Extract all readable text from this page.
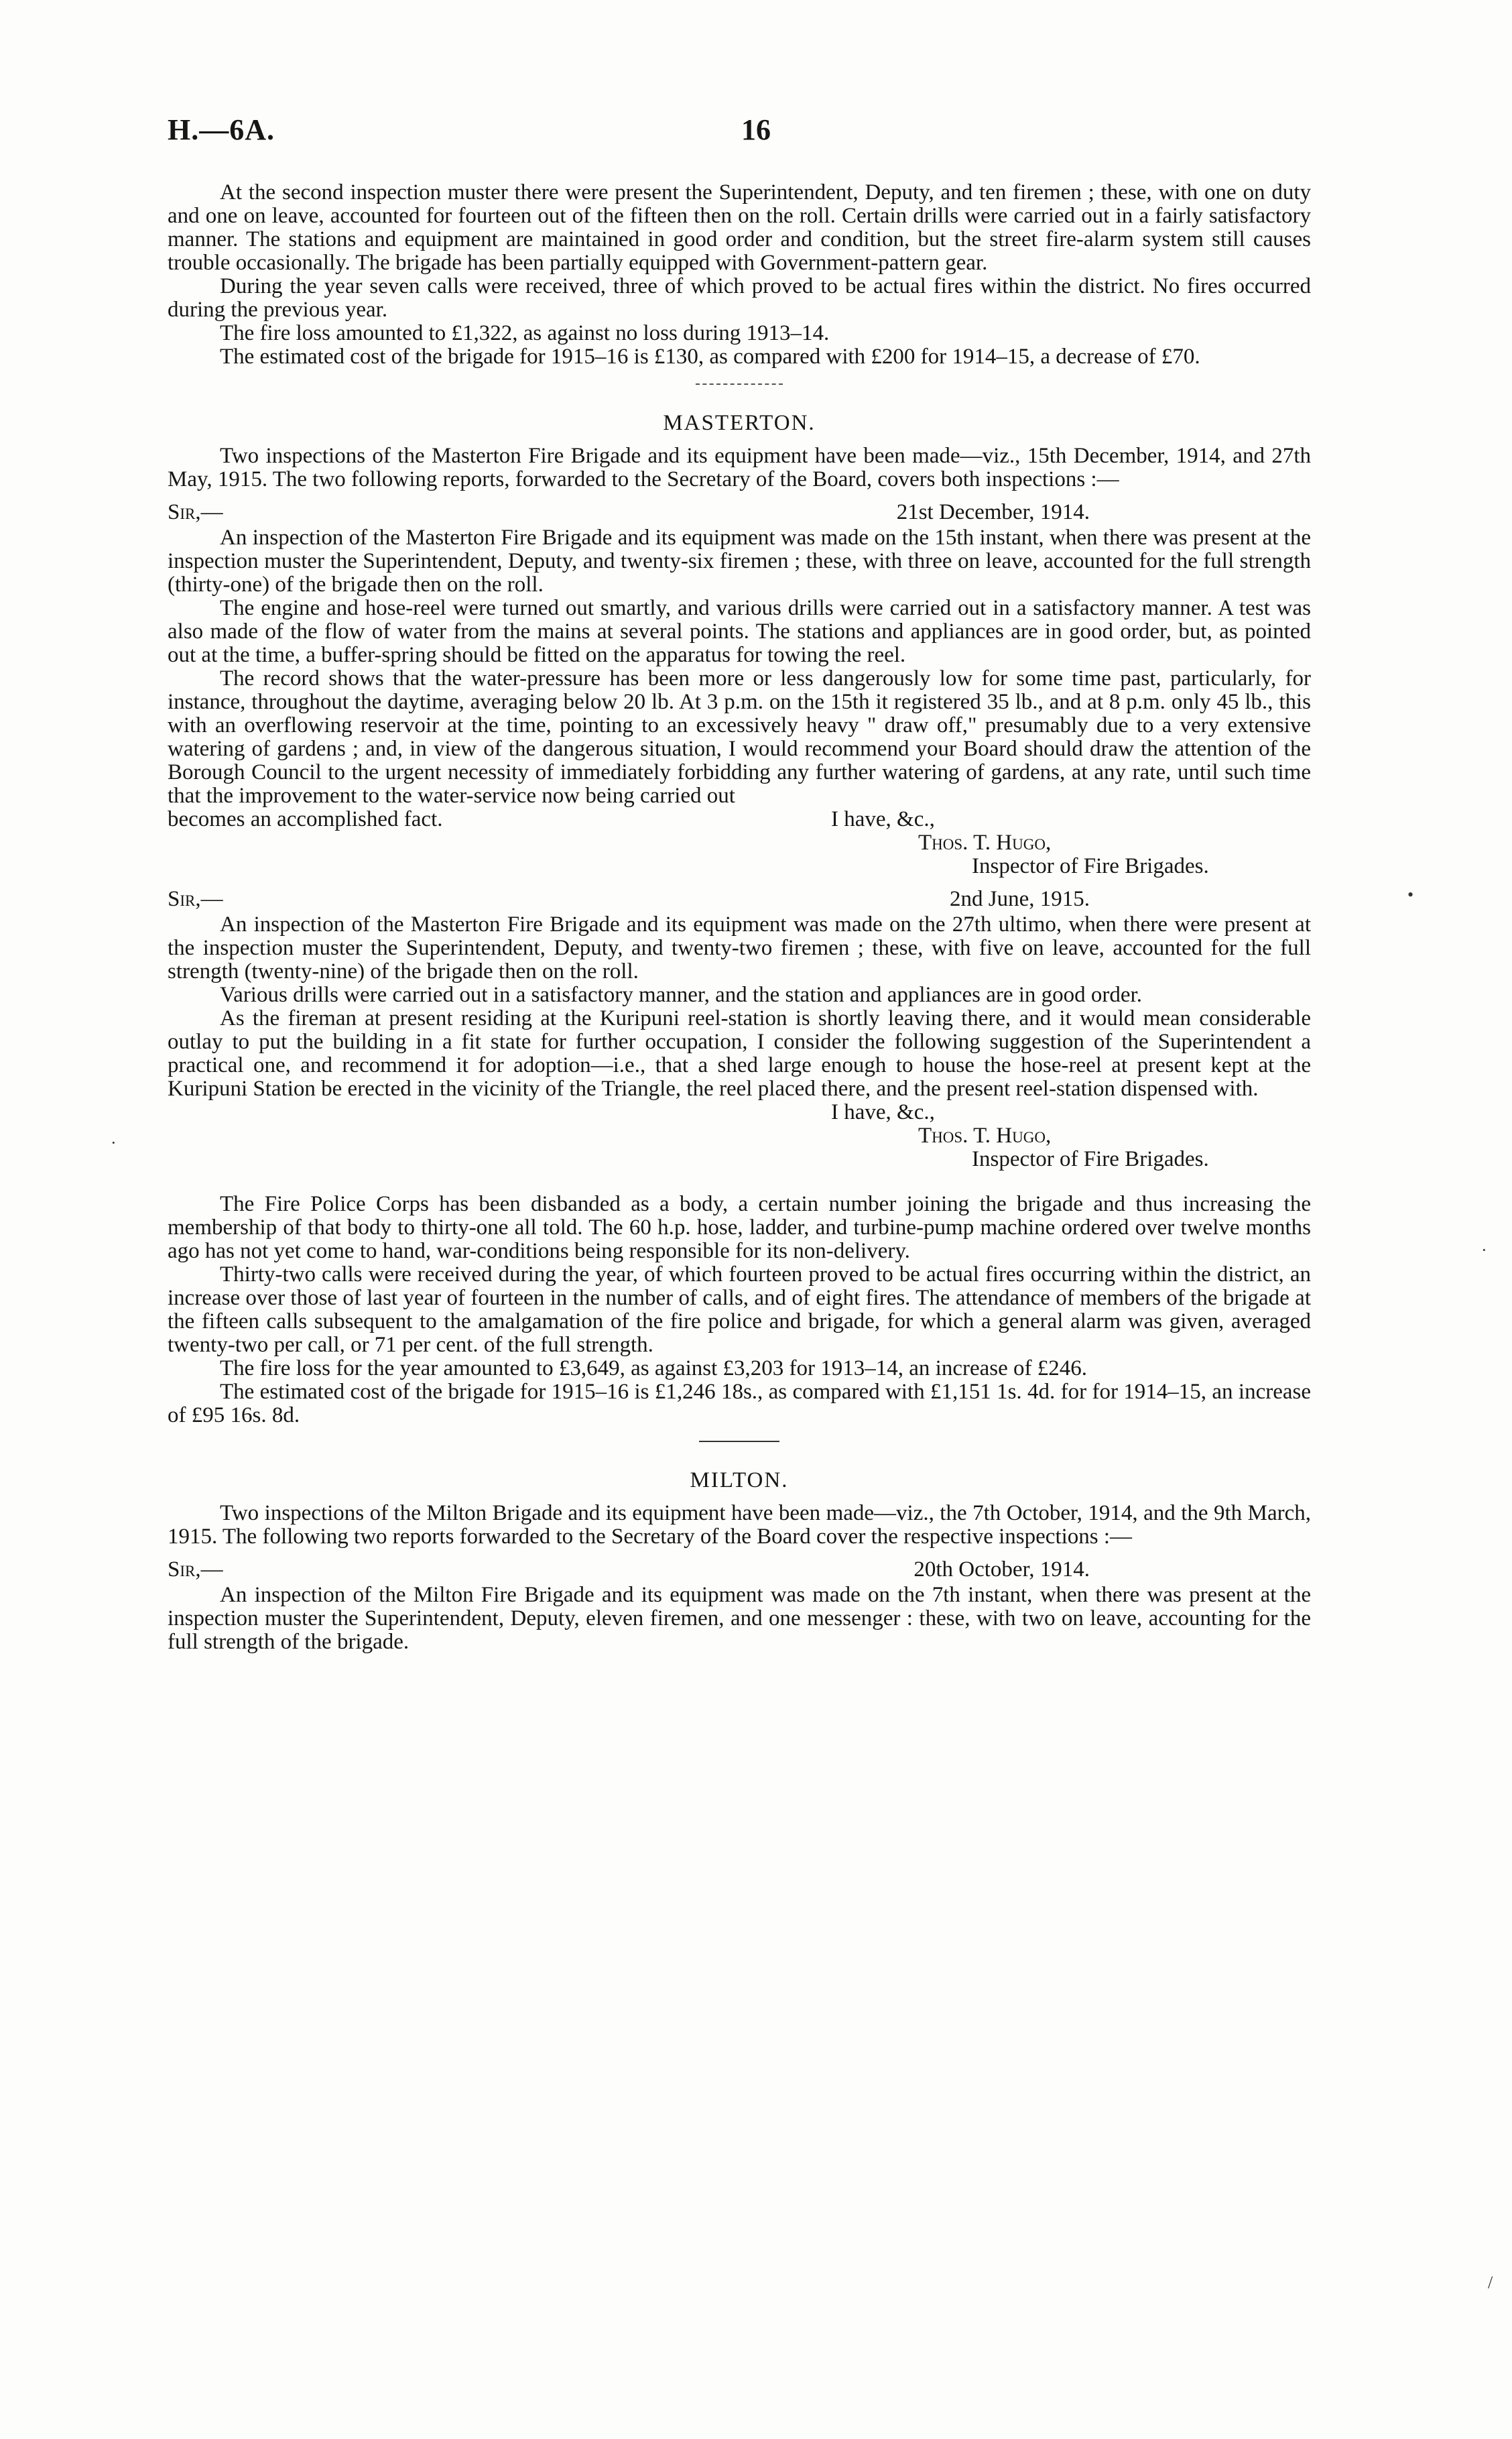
H.—6A.	16

At the second inspection muster there were present the Superintendent, Deputy, and ten firemen ; these, with one on duty and one on leave, accounted for fourteen out of the fifteen then on the roll. Certain drills were carried out in a fairly satisfactory manner. The stations and equipment are maintained in good order and condition, but the street fire-alarm system still causes trouble occasionally. The brigade has been partially equipped with Government-pattern gear.

During the year seven calls were received, three of which proved to be actual fires within the district. No fires occurred during the previous year.

The fire loss amounted to £1,322, as against no loss during 1913–14.

The estimated cost of the brigade for 1915–16 is £130, as compared with £200 for 1914–15, a decrease of £70.

MASTERTON.

Two inspections of the Masterton Fire Brigade and its equipment have been made—viz., 15th December, 1914, and 27th May, 1915. The two following reports, forwarded to the Secretary of the Board, covers both inspections :—

Sir,—	21st December, 1914.

An inspection of the Masterton Fire Brigade and its equipment was made on the 15th instant, when there was present at the inspection muster the Superintendent, Deputy, and twenty-six firemen ; these, with three on leave, accounted for the full strength (thirty-one) of the brigade then on the roll.

The engine and hose-reel were turned out smartly, and various drills were carried out in a satisfactory manner. A test was also made of the flow of water from the mains at several points. The stations and appliances are in good order, but, as pointed out at the time, a buffer-spring should be fitted on the apparatus for towing the reel.

The record shows that the water-pressure has been more or less dangerously low for some time past, particularly, for instance, throughout the daytime, averaging below 20 lb. At 3 p.m. on the 15th it registered 35 lb., and at 8 p.m. only 45 lb., this with an overflowing reservoir at the time, pointing to an excessively heavy " draw off," presumably due to a very extensive watering of gardens ; and, in view of the dangerous situation, I would recommend your Board should draw the attention of the Borough Council to the urgent necessity of immediately forbidding any further watering of gardens, at any rate, until such time that the improvement to the water-service now being carried out

becomes an accomplished fact.	I have, &c.,
Thos. T. Hugo,
Inspector of Fire Brigades.
Sir,—	2nd June, 1915.

An inspection of the Masterton Fire Brigade and its equipment was made on the 27th ultimo, when there were present at the inspection muster the Superintendent, Deputy, and twenty-two firemen ; these, with five on leave, accounted for the full strength (twenty-nine) of the brigade then on the roll.

Various drills were carried out in a satisfactory manner, and the station and appliances are in good order.

As the fireman at present residing at the Kuripuni reel-station is shortly leaving there, and it would mean considerable outlay to put the building in a fit state for further occupation, I consider the following suggestion of the Superintendent a practical one, and recommend it for adoption—i.e., that a shed large enough to house the hose-reel at present kept at the Kuripuni Station be erected in the vicinity of the Triangle, the reel placed there, and the present reel-station dispensed with.

I have, &c.,
Thos. T. Hugo,
Inspector of Fire Brigades.

The Fire Police Corps has been disbanded as a body, a certain number joining the brigade and thus increasing the membership of that body to thirty-one all told. The 60 h.p. hose, ladder, and turbine-pump machine ordered over twelve months ago has not yet come to hand, war-conditions being responsible for its non-delivery.

Thirty-two calls were received during the year, of which fourteen proved to be actual fires occurring within the district, an increase over those of last year of fourteen in the number of calls, and of eight fires. The attendance of members of the brigade at the fifteen calls subsequent to the amalgamation of the fire police and brigade, for which a general alarm was given, averaged twenty-two per call, or 71 per cent. of the full strength.

The fire loss for the year amounted to £3,649, as against £3,203 for 1913–14, an increase of £246.

The estimated cost of the brigade for 1915–16 is £1,246 18s., as compared with £1,151 1s. 4d. for for 1914–15, an increase of £95 16s. 8d.

MILTON.

Two inspections of the Milton Brigade and its equipment have been made—viz., the 7th October, 1914, and the 9th March, 1915. The following two reports forwarded to the Secretary of the Board cover the respective inspections :—

Sir,—	20th October, 1914.

An inspection of the Milton Fire Brigade and its equipment was made on the 7th instant, when there was present at the inspection muster the Superintendent, Deputy, eleven firemen, and one messenger : these, with two on leave, accounting for the full strength of the brigade.

•
·
·
/
